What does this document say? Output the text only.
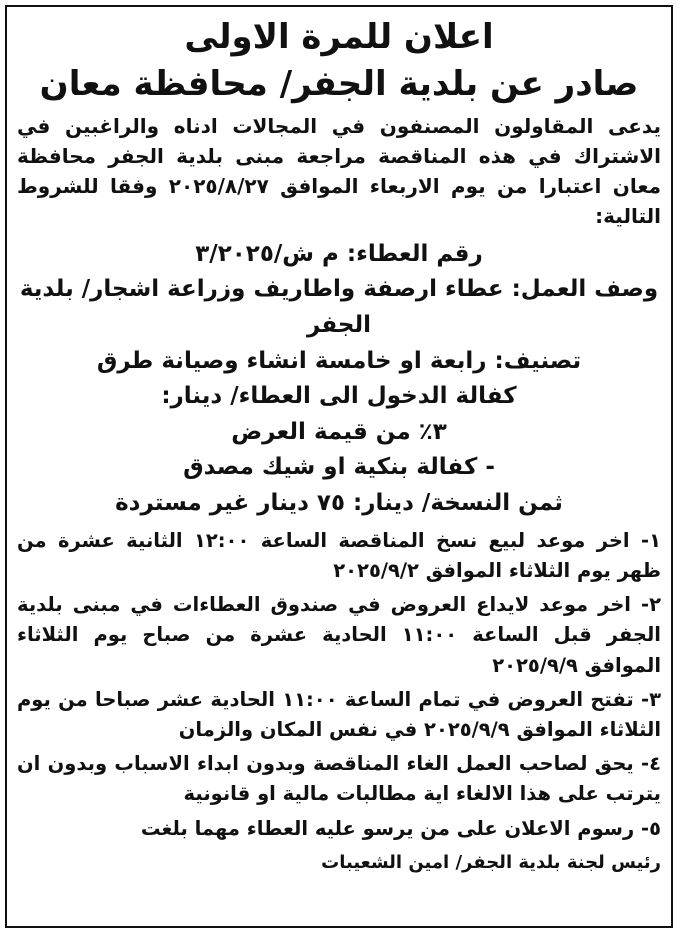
اعلان للمرة الاولى
صادر عن بلدية الجفر/ محافظة معان

يدعى المقاولون المصنفون في المجالات ادناه والراغبين في الاشتراك في هذه المناقصة مراجعة مبنى بلدية الجفر محافظة معان اعتبارا من يوم الاربعاء الموافق ٢٠٢٥/٨/٢٧ وفقا للشروط التالية:

رقم العطاء: م ش/٣/٢٠٢٥

وصف العمل: عطاء ارصفة واطاريف وزراعة اشجار/ بلدية الجفر

تصنيف: رابعة او خامسة انشاء وصيانة طرق

كفالة الدخول الى العطاء/ دينار:

٣٪ من قيمة العرض

- كفالة بنكية او شيك مصدق

ثمن النسخة/ دينار: ٧٥ دينار غير مستردة

١- اخر موعد لبيع نسخ المناقصة الساعة ١٢:٠٠ الثانية عشرة من ظهر يوم الثلاثاء الموافق ٢٠٢٥/٩/٢
٢- اخر موعد لايداع العروض في صندوق العطاءات في مبنى بلدية الجفر قبل الساعة ١١:٠٠ الحادية عشرة من صباح يوم الثلاثاء الموافق ٢٠٢٥/٩/٩
٣- تفتح العروض في تمام الساعة ١١:٠٠ الحادية عشر صباحا من يوم الثلاثاء الموافق ٢٠٢٥/٩/٩ في نفس المكان والزمان
٤- يحق لصاحب العمل الغاء المناقصة وبدون ابداء الاسباب وبدون ان يترتب على هذا الالغاء اية مطالبات مالية او قانونية
٥- رسوم الاعلان على من يرسو عليه العطاء مهما بلغت
رئيس لجنة بلدية الجفر/ امين الشعيبات
